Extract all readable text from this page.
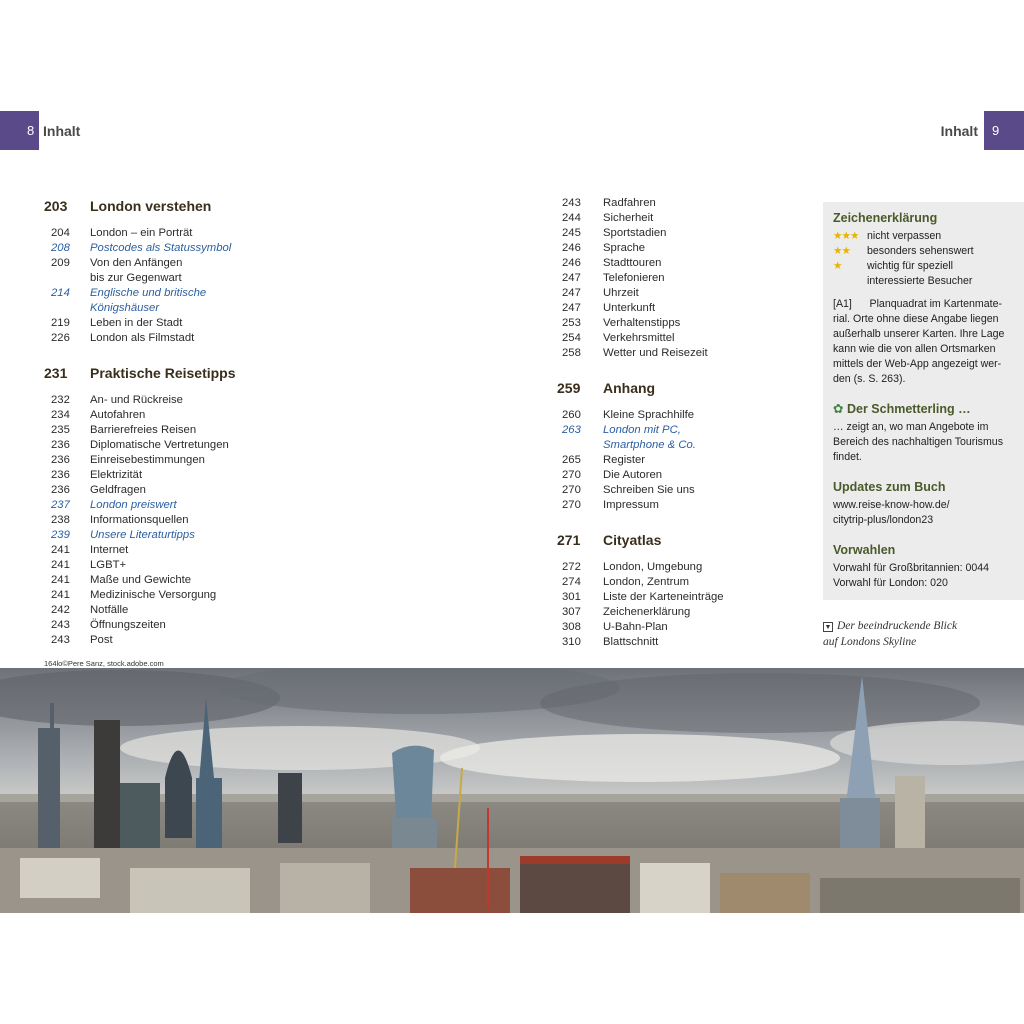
8 Inhalt	Inhalt	9
203	London verstehen
204	London – ein Porträt
208	Postcodes als Statussymbol
209	Von den Anfängen
bis zur Gegenwart
214	Englische und britische
Königshäuser
219	Leben in der Stadt
226	London als Filmstadt
231	Praktische Reisetipps
232	An- und Rückreise
234	Autofahren
235	Barrierefreies Reisen
236	Diplomatische Vertretungen
236	Einreisebestimmungen
236	Elektrizität
236	Geldfragen
237	London preiswert
238	Informationsquellen
239	Unsere Literaturtipps
241	Internet
241	LGBT+
241	Maße und Gewichte
241	Medizinische Versorgung
242	Notfälle
243	Öffnungszeiten
243	Post
243	Radfahren
244	Sicherheit
245	Sportstadien
246	Sprache
246	Stadttouren
247	Telefonieren
247	Uhrzeit
247	Unterkunft
253	Verhaltenstipps
254	Verkehrsmittel
258	Wetter und Reisezeit
259	Anhang
260	Kleine Sprachhilfe
263	London mit PC,
Smartphone & Co.
265	Register
270	Die Autoren
270	Schreiben Sie uns
270	Impressum
271	Cityatlas
272	London, Umgebung
274	London, Zentrum
301	Liste der Karteneinträge
307	Zeichenerklärung
308	U-Bahn-Plan
310	Blattschnitt
Zeichenerklärung
★★★ nicht verpassen
★★	besonders sehenswert
★	wichtig für speziell
interessierte Besucher
[A1]      Planquadrat im Kartenmate-
rial. Orte ohne diese Angabe liegen
außerhalb unserer Karten. Ihre Lage
kann wie die von allen Ortsmarken
mittels der Web-App angezeigt wer-
den (s. S. 263).
✿ Der Schmetterling …
… zeigt an, wo man Angebote im
Bereich des nachhaltigen Tourismus
findet.
Updates zum Buch
www.reise-know-how.de/
citytrip-plus/london23
Vorwahlen
Vorwahl für Großbritannien: 0044
Vorwahl für London: 020
▼ Der beeindruckende Blick
auf Londons Skyline
164lo©Pere Sanz, stock.adobe.com
